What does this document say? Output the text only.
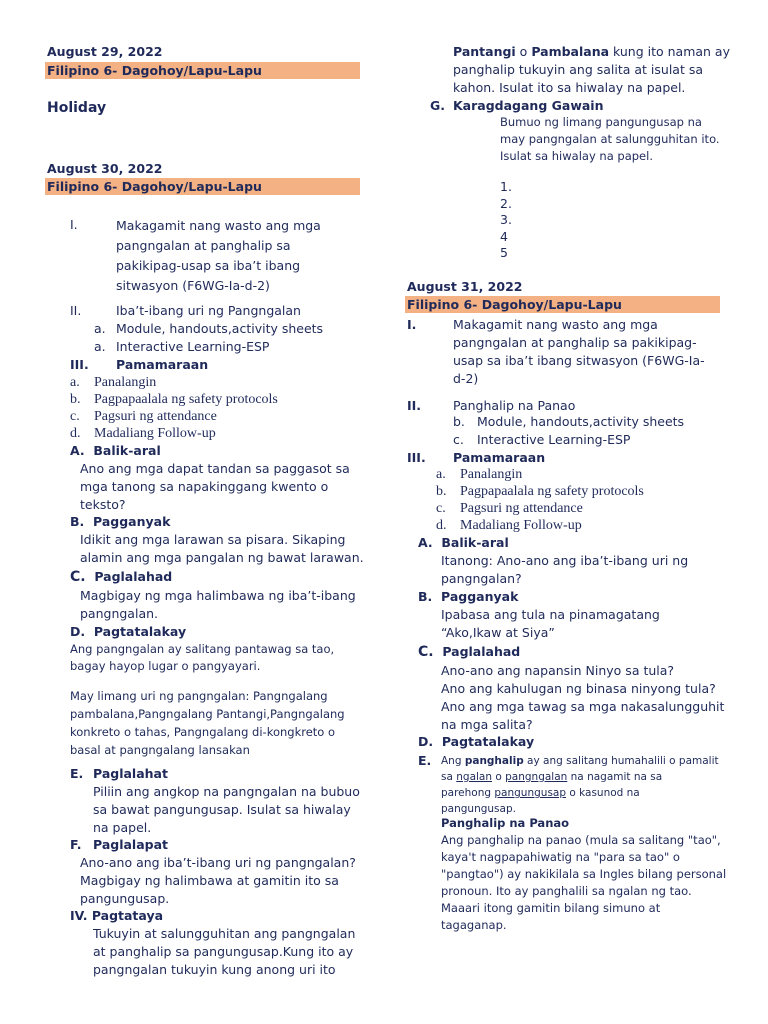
August 29, 2022
Filipino 6- Dagohoy/Lapu-Lapu
Holiday
August 30, 2022
Filipino 6- Dagohoy/Lapu-Lapu
I.	Makagamit nang wasto ang mga
pangngalan at panghalip sa
pakikipag-usap sa iba’t ibang
sitwasyon (F6WG-Ia-d-2)
II.	Iba’t-ibang uri ng Pangngalan
a. Module, handouts,activity sheets
a. Interactive Learning-ESP
III. Pamamaraan
a. Panalangin
b. Pagpapaalala ng safety protocols
c. Pagsuri ng attendance
d. Madaliang Follow-up
A. Balik-aral
Ano ang mga dapat tandan sa paggasot sa
mga tanong sa napakinggang kwento o
teksto?
B. Pagganyak
Idikit ang mga larawan sa pisara. Sikaping
alamin ang mga pangalan ng bawat larawan.
C. Paglalahad
Magbigay ng mga halimbawa ng iba’t-ibang
pangngalan.
D. Pagtatalakay
Ang pangngalan ay salitang pantawag sa tao,
bagay hayop lugar o pangyayari.
May limang uri ng pangngalan: Pangngalang
pambalana,Pangngalang Pantangi,Pangngalang
konkreto o tahas, Pangngalang di-kongkreto o
basal at pangngalang lansakan
E. Paglalahat
Piliin ang angkop na pangngalan na bubuo
sa bawat pangungusap. Isulat sa hiwalay
na papel.
F. Paglalapat
Ano-ano ang iba’t-ibang uri ng pangngalan?
Magbigay ng halimbawa at gamitin ito sa
pangungusap.
IV. Pagtataya
Tukuyin at salungguhitan ang pangngalan
at panghalip sa pangungusap.Kung ito ay
pangngalan tukuyin kung anong uri ito
Pantangi o Pambalana kung ito naman ay
panghalip tukuyin ang salita at isulat sa
kahon. Isulat ito sa hiwalay na papel.
G. Karagdagang Gawain
Bumuo ng limang pangungusap na
may pangngalan at salungguhitan ito.
Isulat sa hiwalay na papel.
1.
2.
3.
4
5
August 31, 2022
Filipino 6- Dagohoy/Lapu-Lapu
I.	Makagamit nang wasto ang mga
pangngalan at panghalip sa pakikipag-
usap sa iba’t ibang sitwasyon (F6WG-Ia-
d-2)
II.	Panghalip na Panao
b. Module, handouts,activity sheets
c. Interactive Learning-ESP
III. Pamamaraan
a. Panalangin
b. Pagpapaalala ng safety protocols
c. Pagsuri ng attendance
d. Madaliang Follow-up
A. Balik-aral
Itanong: Ano-ano ang iba’t-ibang uri ng
pangngalan?
B. Pagganyak
Ipabasa ang tula na pinamagatang
“Ako,Ikaw at Siya”
C. Paglalahad
Ano-ano ang napansin Ninyo sa tula?
Ano ang kahulugan ng binasa ninyong tula?
Ano ang mga tawag sa mga nakasalungguhit
na mga salita?
D. Pagtatalakay
E. Ang panghalip ay ang salitang humahalili o pamalit
sa ngalan o pangngalan na nagamit na sa
parehong pangungusap o kasunod na
pangungusap.
Panghalip na Panao
Ang panghalip na panao (mula sa salitang "tao",
kaya't nagpapahiwatig na "para sa tao" o
"pangtao") ay nakikilala sa Ingles bilang personal
pronoun. Ito ay panghalili sa ngalan ng tao.
Maaari itong gamitin bilang simuno at
tagaganap.
